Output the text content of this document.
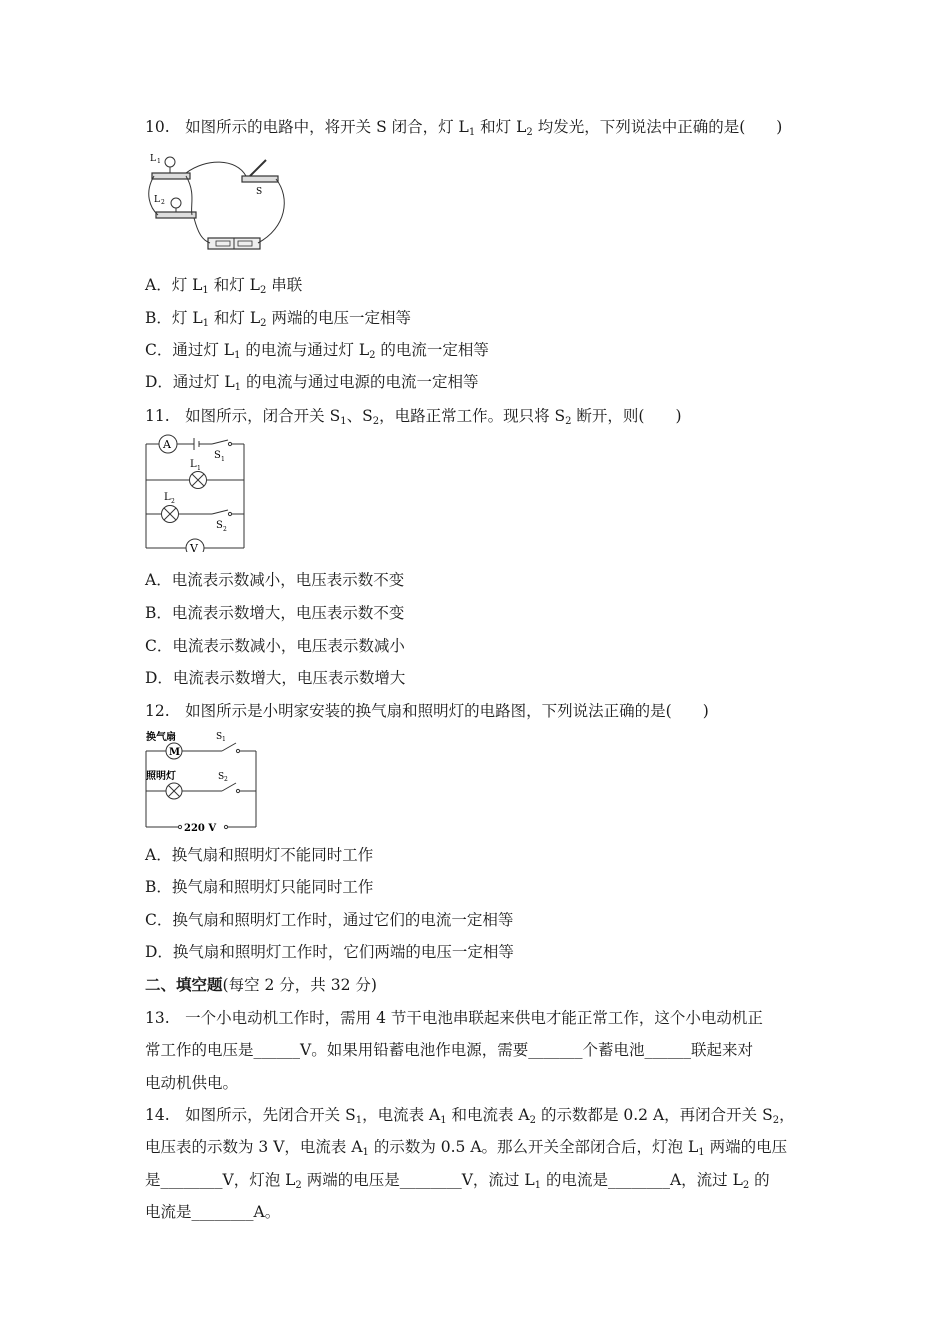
10.　如图所示的电路中，将开关 S 闭合，灯 $L_1$ 和灯 $L_2$ 均发光，下列说法中正确的是(　　)
L 1
L 2
S
A．灯 $L_1$ 和灯 $L_2$ 串联
B．灯 $L_1$ 和灯 $L_2$ 两端的电压一定相等
C．通过灯 $L_1$ 的电流与通过灯 $L_2$ 的电流一定相等
D．通过灯 $L_1$ 的电流与通过电源的电流一定相等
11.　如图所示，闭合开关 $S_1$、$S_2$，电路正常工作。现只将 $S_2$ 断开，则(　　)
A
S 1
L 1
L 2
S 2
V
A．电流表示数减小，电压表示数不变
B．电流表示数增大，电压表示数不变
C．电流表示数减小，电压表示数减小
D．电流表示数增大，电压表示数增大
12.　如图所示是小明家安装的换气扇和照明灯的电路图，下列说法正确的是(　　)
换气扇
M
S 1
照明灯	S 2
220 V
A．换气扇和照明灯不能同时工作
B．换气扇和照明灯只能同时工作
C．换气扇和照明灯工作时，通过它们的电流一定相等
D．换气扇和照明灯工作时，它们两端的电压一定相等
二、填空题(每空 2 分，共 32 分)
13.　一个小电动机工作时，需用 4 节干电池串联起来供电才能正常工作，这个小电动机正
常工作的电压是______V。如果用铅蓄电池作电源，需要_______个蓄电池______联起来对
电动机供电。
14.　如图所示，先闭合开关 $S_1$，电流表 $A_1$ 和电流表 $A_2$ 的示数都是 0.2 A，再闭合开关 $S_2$，
电压表的示数为 3 V，电流表 $A_1$ 的示数为 0.5 A。那么开关全部闭合后，灯泡 $L_1$ 两端的电压
是________V，灯泡 $L_2$ 两端的电压是________V，流过 $L_1$ 的电流是________A，流过 $L_2$ 的
电流是________A。
